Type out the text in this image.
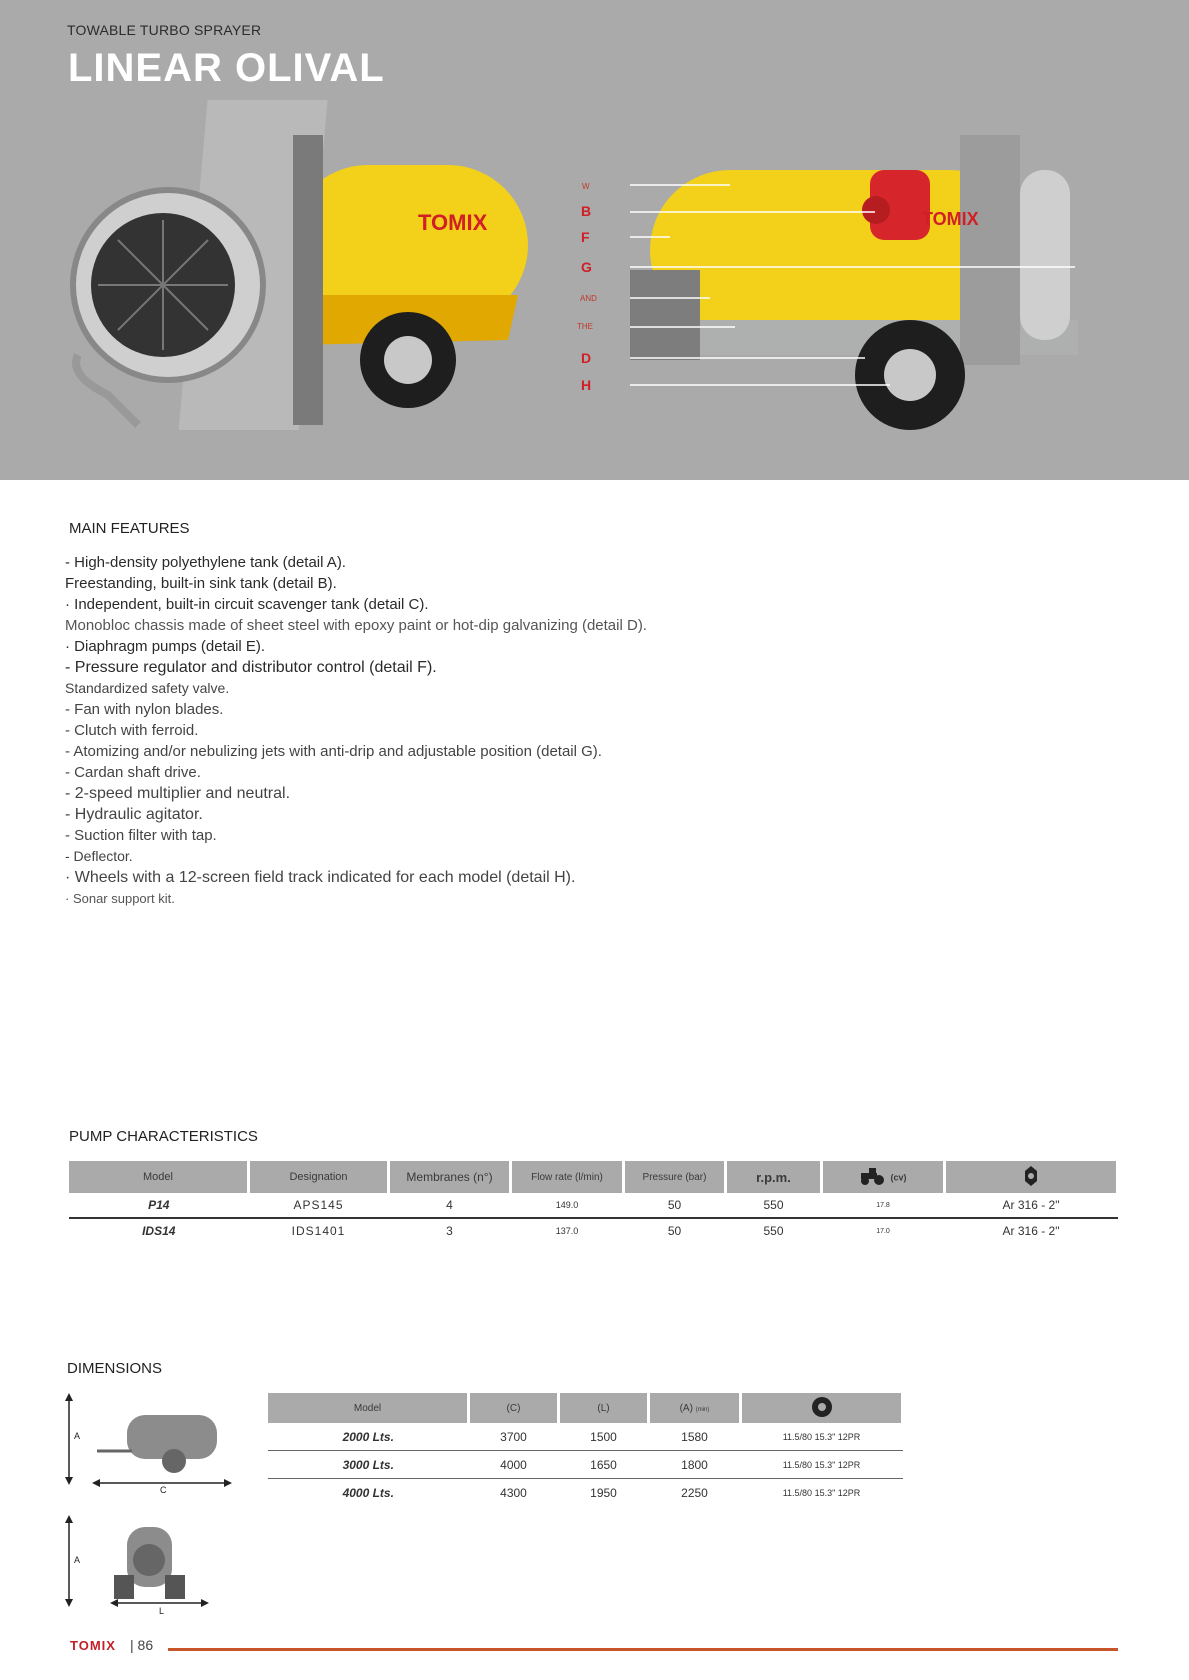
TOWABLE TURBO SPRAYER
LINEAR OLIVAL
TOMIX	TOMIX
W
B
F
G
AND
THE
D
H
MAIN FEATURES
- High-density polyethylene tank (detail A).
Freestanding, built-in sink tank (detail B).
· Independent, built-in circuit scavenger tank (detail C).
Monobloc chassis made of sheet steel with epoxy paint or hot-dip galvanizing (detail D).
· Diaphragm pumps (detail E).
- Pressure regulator and distributor control (detail F).
Standardized safety valve.
- Fan with nylon blades.
- Clutch with ferroid.
- Atomizing and/or nebulizing jets with anti-drip and adjustable position (detail G).
- Cardan shaft drive.
- 2-speed multiplier and neutral.
- Hydraulic agitator.
- Suction filter with tap.
- Deflector.
· Wheels with a 12-screen field track indicated for each model (detail H).
· Sonar support kit.
PUMP CHARACTERISTICS
Model	Designation	Membranes (n°)	Flow rate (l/min)	Pressure (bar)	r.p.m.	(cv)	
P14	APS145	4	149.0	50	550	17.8	Ar 316 - 2"
IDS14	IDS1401	3	137.0	50	550	17.0	Ar 316 - 2"
DIMENSIONS
A
C
A
L
Model	(C)	(L)	(A) (min)	
2000 Lts.	3700	1500	1580	11.5/80 15.3" 12PR
3000 Lts.	4000	1650	1800	11.5/80 15.3" 12PR
4000 Lts.	4300	1950	2250	11.5/80 15.3" 12PR
TOMIX | 86
